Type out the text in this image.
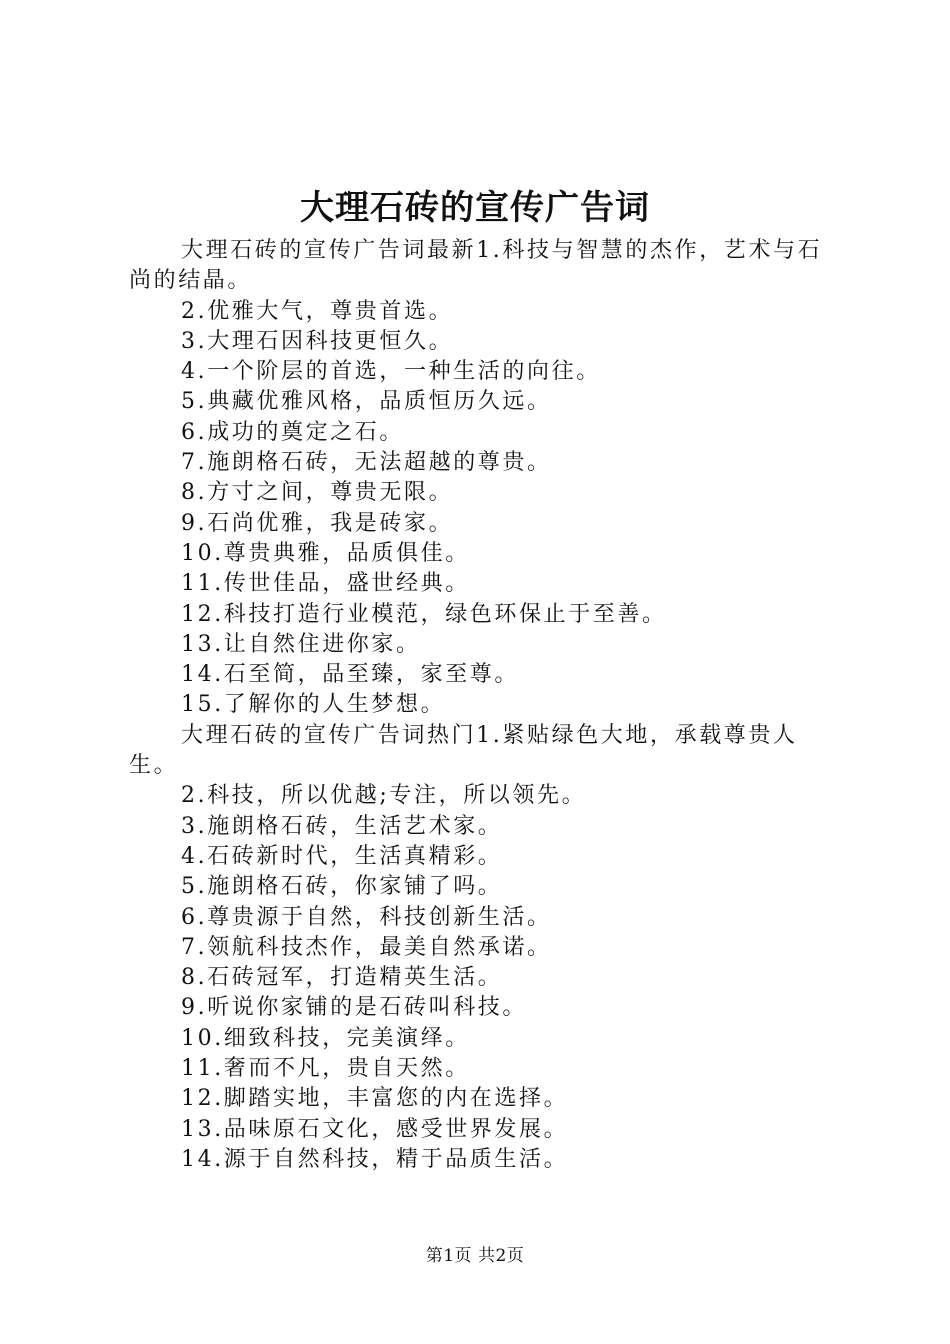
大理石砖的宣传广告词

大理石砖的宣传广告词最新1.科技与智慧的杰作，艺术与石尚的结晶。

2.优雅大气，尊贵首选。

3.大理石因科技更恒久。

4.一个阶层的首选，一种生活的向往。

5.典藏优雅风格，品质恒历久远。

6.成功的奠定之石。

7.施朗格石砖，无法超越的尊贵。

8.方寸之间，尊贵无限。

9.石尚优雅，我是砖家。

10.尊贵典雅，品质俱佳。

11.传世佳品，盛世经典。

12.科技打造行业模范，绿色环保止于至善。

13.让自然住进你家。

14.石至简，品至臻，家至尊。

15.了解你的人生梦想。

大理石砖的宣传广告词热门1.紧贴绿色大地，承载尊贵人生。

2.科技，所以优越;专注，所以领先。

3.施朗格石砖，生活艺术家。

4.石砖新时代，生活真精彩。

5.施朗格石砖，你家铺了吗。

6.尊贵源于自然，科技创新生活。

7.领航科技杰作，最美自然承诺。

8.石砖冠军，打造精英生活。

9.听说你家铺的是石砖叫科技。

10.细致科技，完美演绎。

11.奢而不凡，贵自天然。

12.脚踏实地，丰富您的内在选择。

13.品味原石文化，感受世界发展。

14.源于自然科技，精于品质生活。

第1页 共2页
